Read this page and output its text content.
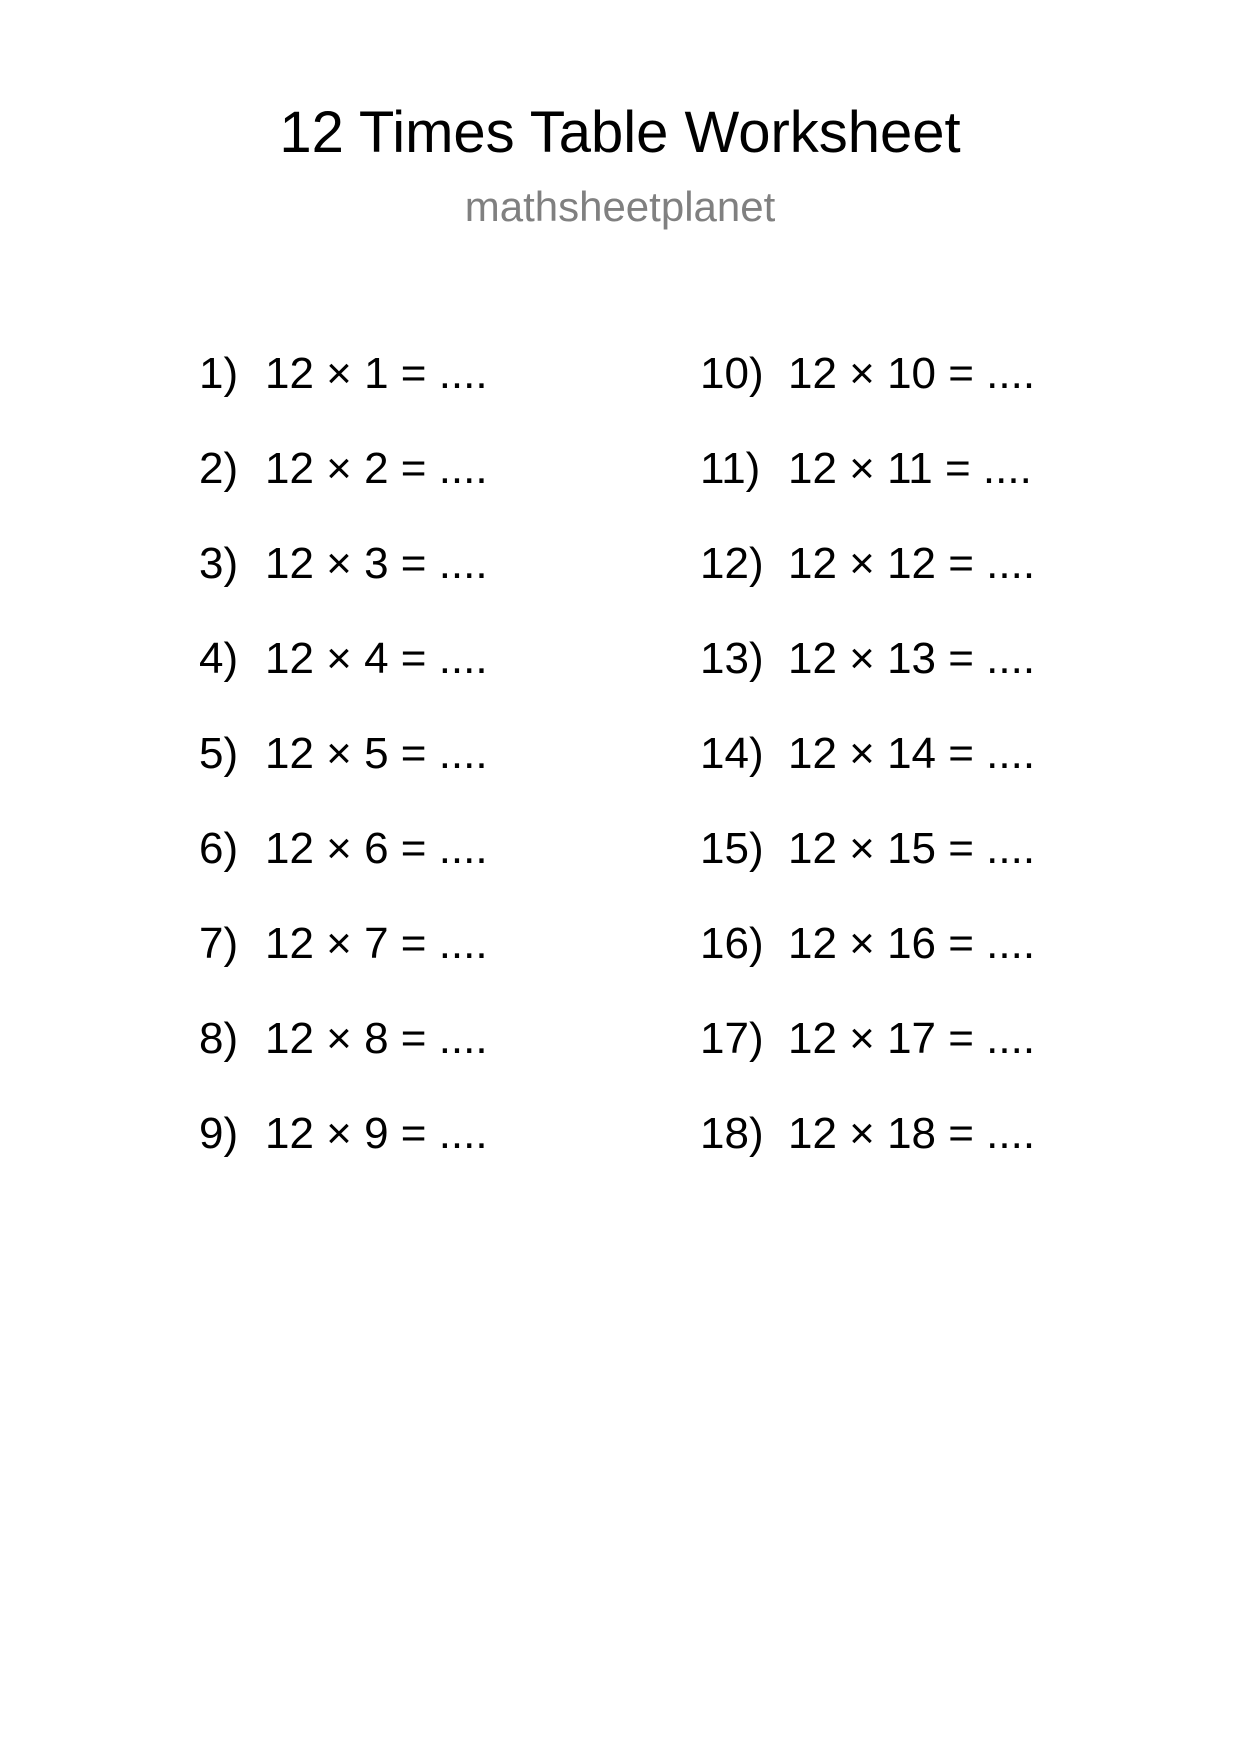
12 Times Table Worksheet
mathsheetplanet
1) 12 × 1 = ....
2) 12 × 2 = ....
3) 12 × 3 = ....
4) 12 × 4 = ....
5) 12 × 5 = ....
6) 12 × 6 = ....
7) 12 × 7 = ....
8) 12 × 8 = ....
9) 12 × 9 = ....
10) 12 × 10 = ....
11) 12 × 11 = ....
12) 12 × 12 = ....
13) 12 × 13 = ....
14) 12 × 14 = ....
15) 12 × 15 = ....
16) 12 × 16 = ....
17) 12 × 17 = ....
18) 12 × 18 = ....
